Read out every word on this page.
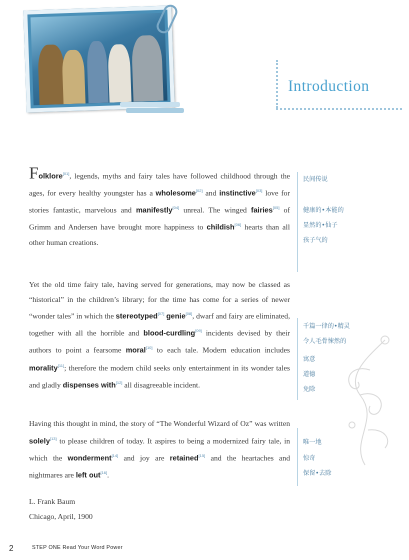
Introduction
Folklore[01], legends, myths and fairy tales have followed childhood through the ages, for every healthy youngster has a wholesome[02] and instinctive[03] love for stories fantastic, marvelous and manifestly[04] unreal. The winged fairies[05] of Grimm and Andersen have brought more happiness to childish[06] hearts than all other human creations.
Yet the old time fairy tale, having served for generations, may now be classed as “historical” in the children’s library; for the time has come for a series of newer “wonder tales” in which the stereotyped[07] genie[08], dwarf and fairy are eliminated, together with all the horrible and blood-curdling[09] incidents devised by their authors to point a fearsome moral[10] to each tale. Modern education includes morality[11]; therefore the modern child seeks only entertainment in its wonder tales and gladly dispenses with[12] all disagreeable incident.
Having this thought in mind, the story of “The Wonderful Wizard of Oz” was written solely[13] to please children of today. It aspires to being a modernized fairy tale, in which the wonderment[14] and joy are retained[15] and the heartaches and nightmares are left out[16].
L. Frank Baum
Chicago, April, 1900
民间传说
健康的•本能的
显然的•仙子
孩子气的
千篇一律的•精灵
令人毛骨悚然的
寓意
道德
免除
唯一地
惊奇
保留•去除
2	STEP ONE Read Your Word Power
